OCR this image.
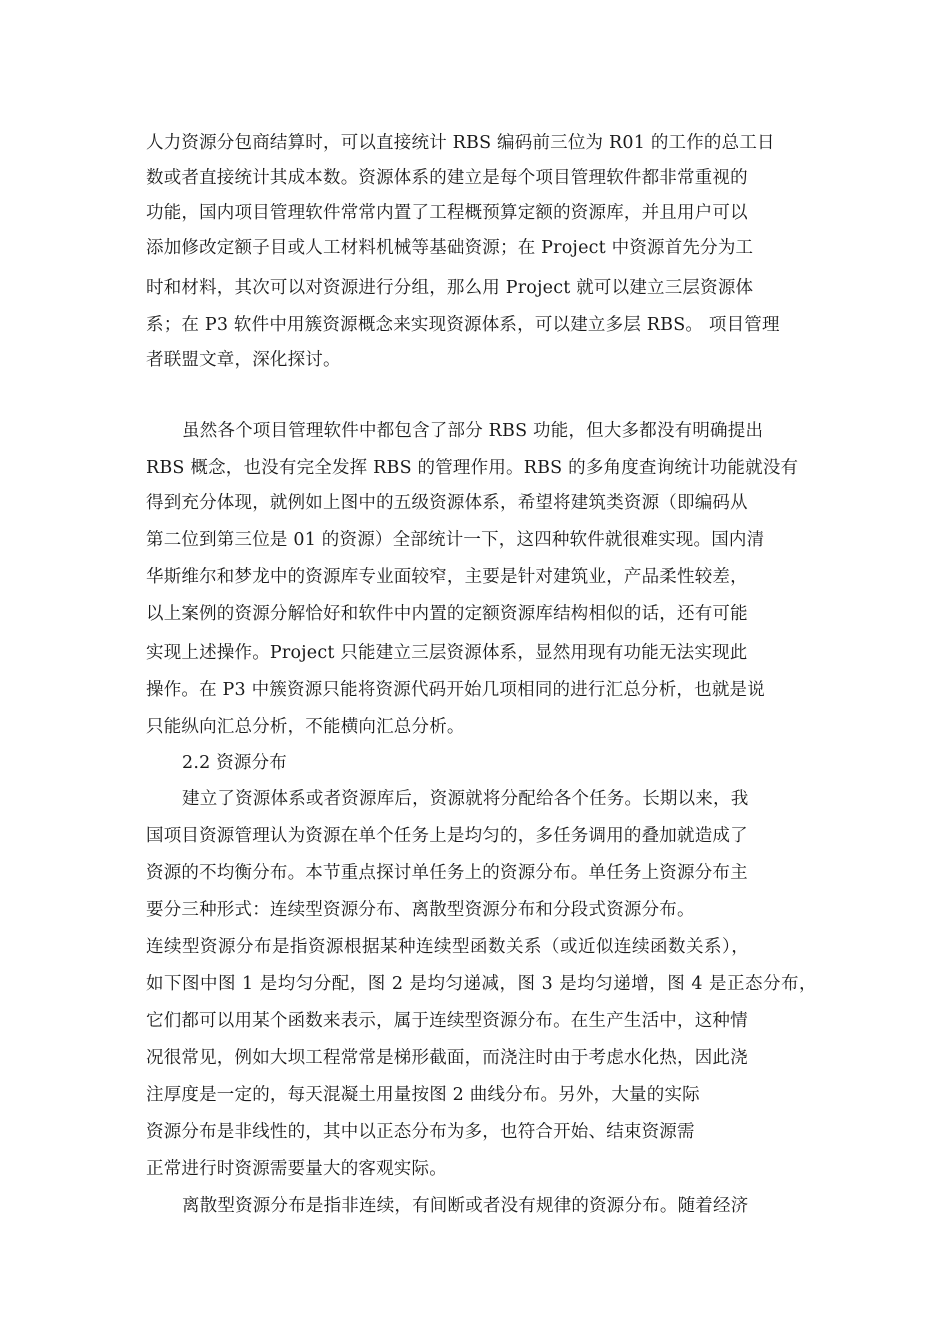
人力资源分包商结算时，可以直接统计 RBS 编码前三位为 R01 的工作的总工日
数或者直接统计其成本数。资源体系的建立是每个项目管理软件都非常重视的
功能，国内项目管理软件常常内置了工程概预算定额的资源库，并且用户可以
添加修改定额子目或人工材料机械等基础资源；在 Project 中资源首先分为工
时和材料，其次可以对资源进行分组，那么用 Project 就可以建立三层资源体
系；在 P3 软件中用簇资源概念来实现资源体系，可以建立多层 RBS。 项目管理
者联盟文章，深化探讨。
虽然各个项目管理软件中都包含了部分 RBS 功能，但大多都没有明确提出
RBS 概念，也没有完全发挥 RBS 的管理作用。RBS 的多角度查询统计功能就没有
得到充分体现，就例如上图中的五级资源体系，希望将建筑类资源（即编码从
第二位到第三位是 01 的资源）全部统计一下，这四种软件就很难实现。国内清
华斯维尔和梦龙中的资源库专业面较窄，主要是针对建筑业，产品柔性较差，
以上案例的资源分解恰好和软件中内置的定额资源库结构相似的话，还有可能
实现上述操作。Project 只能建立三层资源体系，显然用现有功能无法实现此
操作。在 P3 中簇资源只能将资源代码开始几项相同的进行汇总分析，也就是说
只能纵向汇总分析，不能横向汇总分析。
2.2 资源分布
建立了资源体系或者资源库后，资源就将分配给各个任务。长期以来，我
国项目资源管理认为资源在单个任务上是均匀的，多任务调用的叠加就造成了
资源的不均衡分布。本节重点探讨单任务上的资源分布。单任务上资源分布主
要分三种形式：连续型资源分布、离散型资源分布和分段式资源分布。
连续型资源分布是指资源根据某种连续型函数关系（或近似连续函数关系），
如下图中图 1 是均匀分配，图 2 是均匀递减，图 3 是均匀递增，图 4 是正态分布，
它们都可以用某个函数来表示，属于连续型资源分布。在生产生活中，这种情
况很常见，例如大坝工程常常是梯形截面，而浇注时由于考虑水化热，因此浇
注厚度是一定的，每天混凝土用量按图 2 曲线分布。另外，大量的实际
资源分布是非线性的，其中以正态分布为多，也符合开始、结束资源需
正常进行时资源需要量大的客观实际。
离散型资源分布是指非连续，有间断或者没有规律的资源分布。随着经济
